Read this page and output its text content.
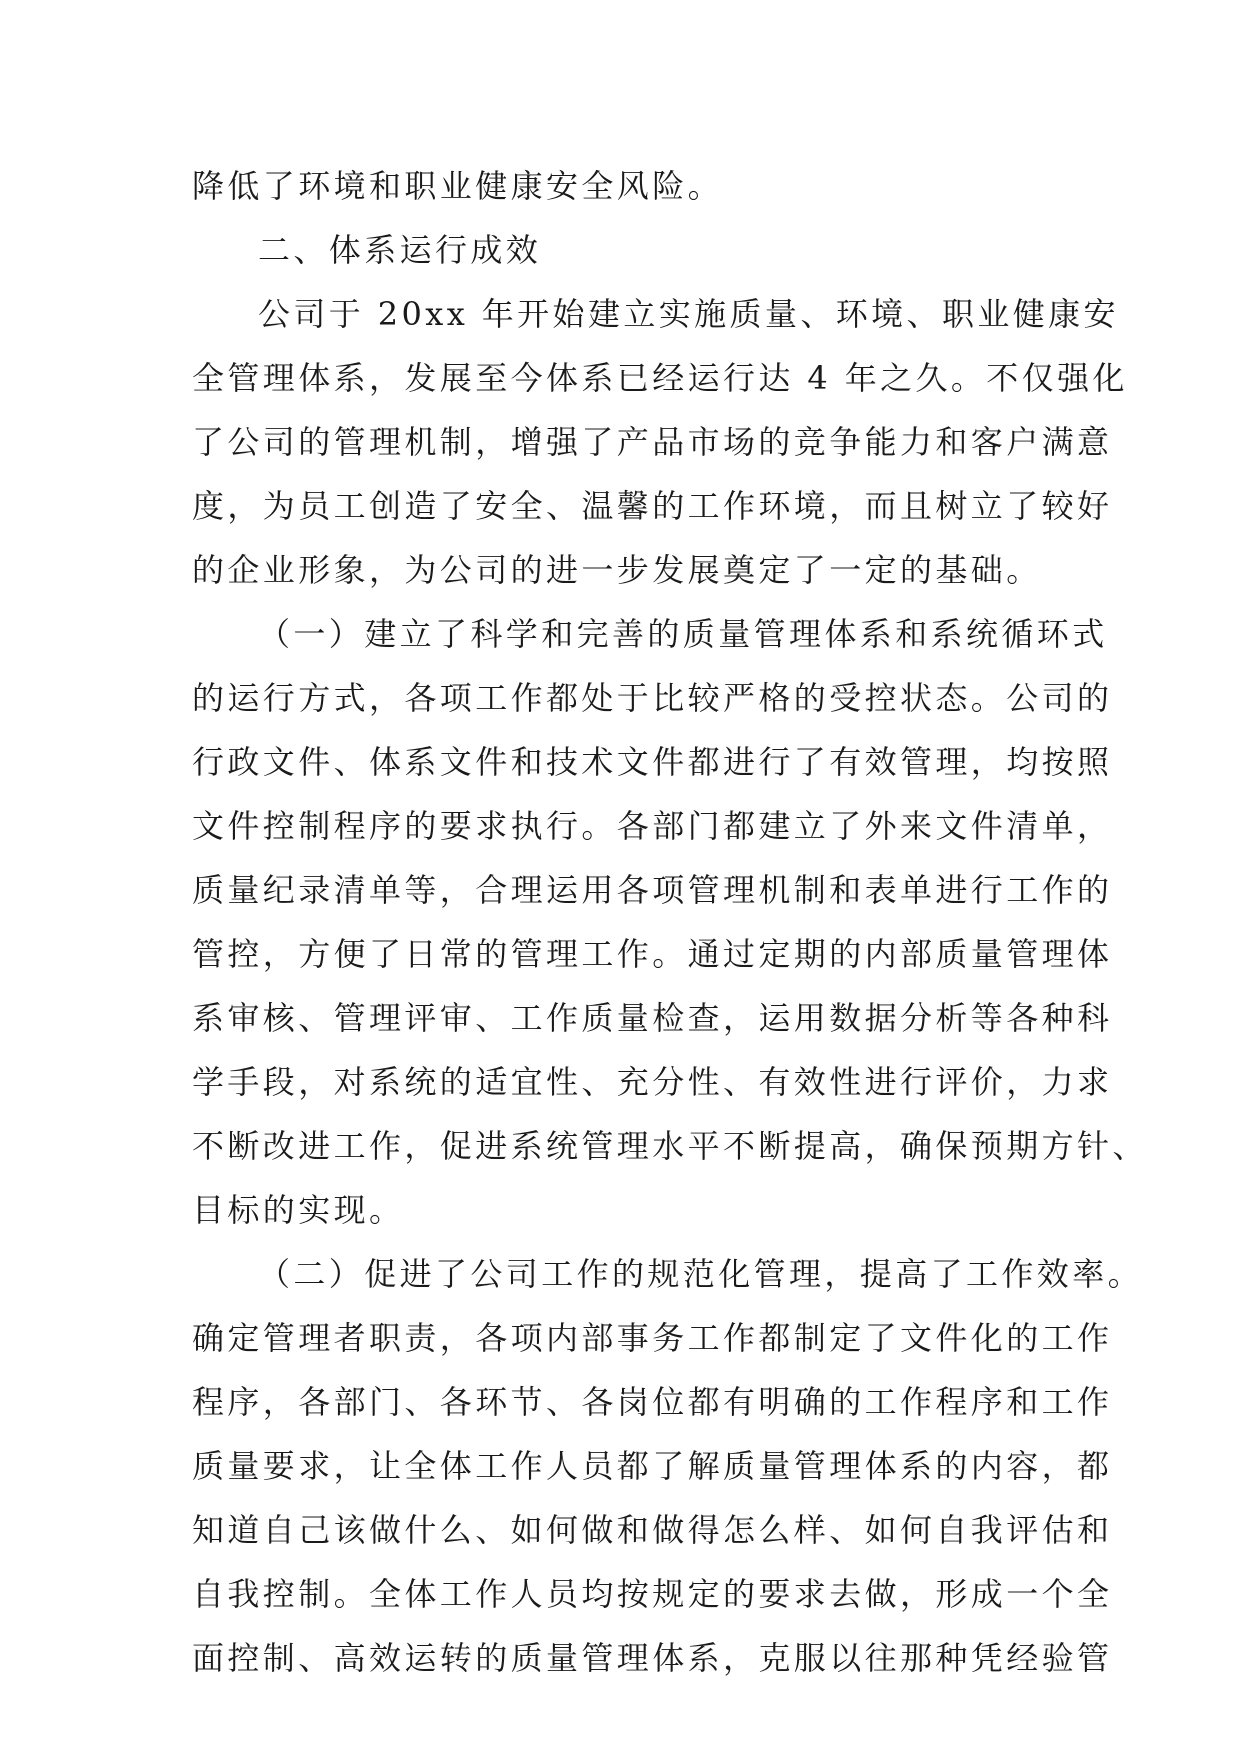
降低了环境和职业健康安全风险。
二、体系运行成效
公司于 20xx 年开始建立实施质量、环境、职业健康安
全管理体系，发展至今体系已经运行达 4 年之久。不仅强化
了公司的管理机制，增强了产品市场的竞争能力和客户满意
度，为员工创造了安全、温馨的工作环境，而且树立了较好
的企业形象，为公司的进一步发展奠定了一定的基础。
（一）建立了科学和完善的质量管理体系和系统循环式
的运行方式，各项工作都处于比较严格的受控状态。公司的
行政文件、体系文件和技术文件都进行了有效管理，均按照
文件控制程序的要求执行。各部门都建立了外来文件清单，
质量纪录清单等，合理运用各项管理机制和表单进行工作的
管控，方便了日常的管理工作。通过定期的内部质量管理体
系审核、管理评审、工作质量检查，运用数据分析等各种科
学手段，对系统的适宜性、充分性、有效性进行评价，力求
不断改进工作，促进系统管理水平不断提高，确保预期方针、
目标的实现。
（二）促进了公司工作的规范化管理，提高了工作效率。
确定管理者职责，各项内部事务工作都制定了文件化的工作
程序，各部门、各环节、各岗位都有明确的工作程序和工作
质量要求，让全体工作人员都了解质量管理体系的内容，都
知道自己该做什么、如何做和做得怎么样、如何自我评估和
自我控制。全体工作人员均按规定的要求去做，形成一个全
面控制、高效运转的质量管理体系，克服以往那种凭经验管
